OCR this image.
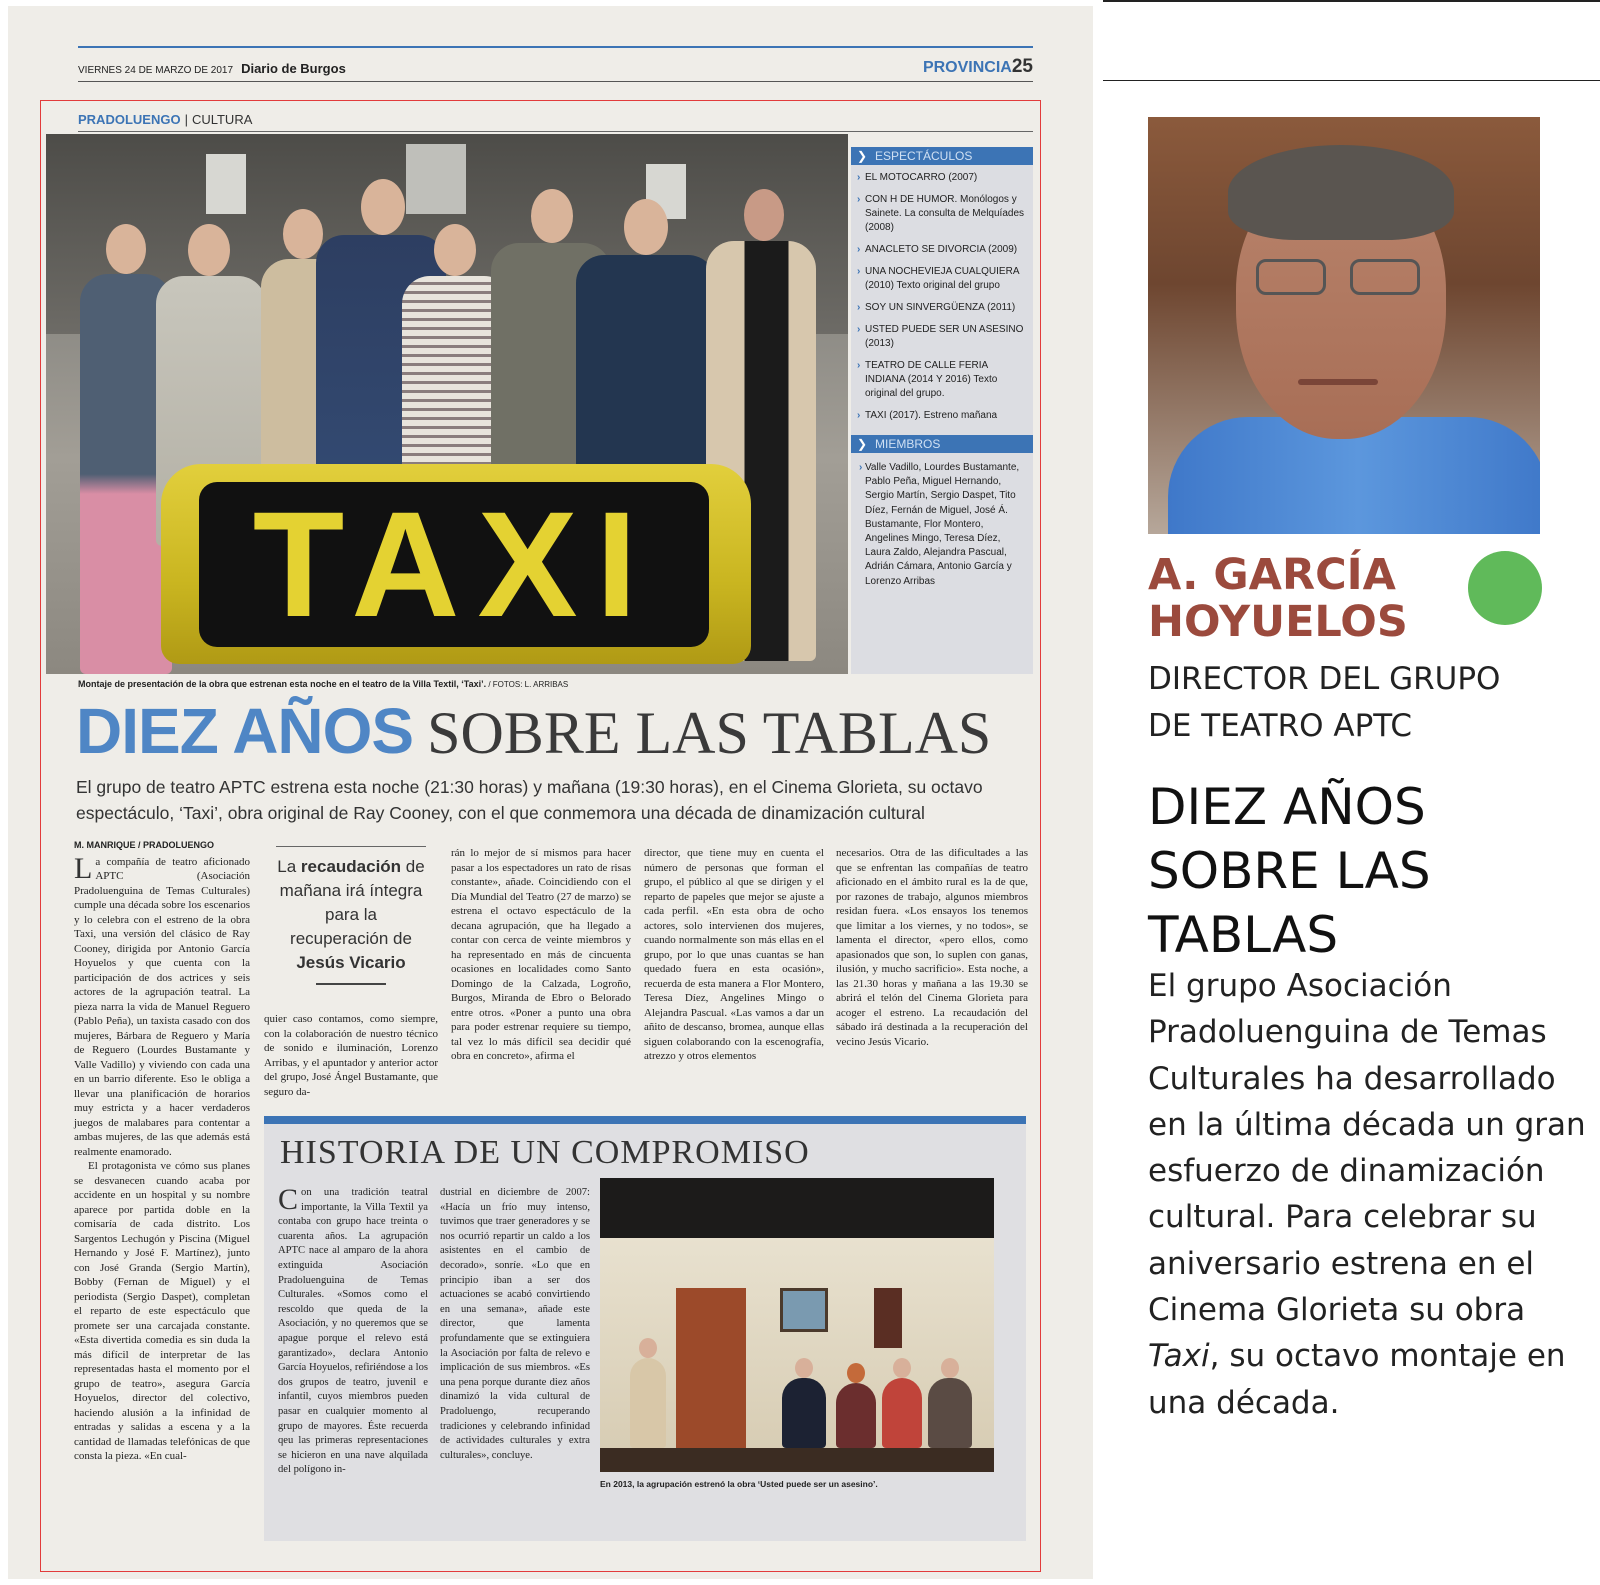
VIERNES 24 DE MARZO DE 2017 Diario de Burgos	PROVINCIA25
PRADOLUENGO | CULTURA
TAXI
Montaje de presentación de la obra que estrenan esta noche en el teatro de la Villa Textil, ‘Taxi’. / FOTOS: L. ARRIBAS
❯ ESPECTÁCULOS
› EL MOTOCARRO (2007)
› CON H DE HUMOR. Monólogos y Sainete. La consulta de Melquíades (2008)
› ANACLETO SE DIVORCIA (2009)
› UNA NOCHEVIEJA CUALQUIERA (2010) Texto original del grupo
› SOY UN SINVERGÜENZA (2011)
› USTED PUEDE SER UN ASESINO (2013)
› TEATRO DE CALLE FERIA INDIANA (2014 Y 2016) Texto original del grupo.
› TAXI (2017). Estreno mañana
❯ MIEMBROS
› Valle Vadillo, Lourdes Bustamante, Pablo Peña, Miguel Hernando, Sergio Martín, Sergio Daspet, Tito Díez, Fernán de Miguel, José Á. Bustamante, Flor Montero, Angelines Mingo, Teresa Díez, Laura Zaldo, Alejandra Pascual, Adrián Cámara, Antonio García y Lorenzo Arribas
DIEZ AÑOS SOBRE LAS TABLAS
El grupo de teatro APTC estrena esta noche (21:30 horas) y mañana (19:30 horas), en el Cinema Glorieta, su octavo espectáculo, ‘Taxi’, obra original de Ray Cooney, con el que conmemora una década de dinamización cultural
M. MANRIQUE / PRADOLUENGO
L a compañía de teatro aficionado APTC (Asociación Pradoluenguina de Temas Culturales) cumple una década sobre los escenarios y lo celebra con el estreno de la obra Taxi, una versión del clásico de Ray Cooney, dirigida por Antonio García Hoyuelos y que cuenta con la participación de dos actrices y seis actores de la agrupación teatral. La pieza narra la vida de Manuel Reguero (Pablo Peña), un taxista casado con dos mujeres, Bárbara de Reguero y María de Reguero (Lourdes Bustamante y Valle Vadillo) y viviendo con cada una en un barrio diferente. Eso le obliga a llevar una planificación de horarios muy estricta y a hacer verdaderos juegos de malabares para contentar a ambas mujeres, de las que además está realmente enamorado.

El protagonista ve cómo sus planes se desvanecen cuando acaba por accidente en un hospital y su nombre aparece por partida doble en la comisaría de cada distrito. Los Sargentos Lechugón y Piscina (Miguel Hernando y José F. Martínez), junto con José Granda (Sergio Martín), Bobby (Fernan de Miguel) y el periodista (Sergio Daspet), completan el reparto de este espectáculo que promete ser una carcajada constante. «Esta divertida comedia es sin duda la más difícil de interpretar de las representadas hasta el momento por el grupo de teatro», asegura García Hoyuelos, director del colectivo, haciendo alusión a la infinidad de entradas y salidas a escena y a la cantidad de llamadas telefónicas de que consta la pieza. «En cual-

La recaudación de mañana irá íntegra para la recuperación de Jesús Vicario
quier caso contamos, como siempre, con la colaboración de nuestro técnico de sonido e iluminación, Lorenzo Arribas, y el apuntador y anterior actor del grupo, José Ángel Bustamante, que seguro da-
rán lo mejor de sí mismos para hacer pasar a los espectadores un rato de risas constante», añade. Coincidiendo con el Día Mundial del Teatro (27 de marzo) se estrena el octavo espectáculo de la decana agrupación, que ha llegado a contar con cerca de veinte miembros y ha representado en más de cincuenta ocasiones en localidades como Santo Domingo de la Calzada, Logroño, Burgos, Miranda de Ebro o Belorado entre otros. «Poner a punto una obra para poder estrenar requiere su tiempo, tal vez lo más difícil sea decidir qué obra en concreto», afirma el
director, que tiene muy en cuenta el número de personas que forman el grupo, el público al que se dirigen y el reparto de papeles que mejor se ajuste a cada perfil. «En esta obra de ocho actores, solo intervienen dos mujeres, cuando normalmente son más ellas en el grupo, por lo que unas cuantas se han quedado fuera en esta ocasión», recuerda de esta manera a Flor Montero, Teresa Díez, Angelines Mingo o Alejandra Pascual. «Las vamos a dar un añito de descanso, bromea, aunque ellas siguen colaborando con la escenografía, atrezzo y otros elementos
necesarios. Otra de las dificultades a las que se enfrentan las compañías de teatro aficionado en el ámbito rural es la de que, por razones de trabajo, algunos miembros residan fuera. «Los ensayos los tenemos que limitar a los viernes, y no todos», se lamenta el director, «pero ellos, como apasionados que son, lo suplen con ganas, ilusión, y mucho sacrificio». Esta noche, a las 21.30 horas y mañana a las 19.30 se abrirá el telón del Cinema Glorieta para acoger el estreno. La recaudación del sábado irá destinada a la recuperación del vecino Jesús Vicario.
HISTORIA DE UN COMPROMISO
Con una tradición teatral importante, la Villa Textil ya contaba con grupo hace treinta o cuarenta años. La agrupación APTC nace al amparo de la ahora extinguida Asociación Pradoluenguina de Temas Culturales. «Somos como el rescoldo que queda de la Asociación, y no queremos que se apague porque el relevo está garantizado», declara Antonio García Hoyuelos, refiriéndose a los dos grupos de teatro, juvenil e infantil, cuyos miembros pueden pasar en cualquier momento al grupo de mayores. Éste recuerda qeu las primeras representaciones se hicieron en una nave alquilada del polígono in-
dustrial en diciembre de 2007: «Hacía un frío muy intenso, tuvimos que traer generadores y se nos ocurrió repartir un caldo a los asistentes en el cambio de decorado», sonríe. «Lo que en principio iban a ser dos actuaciones se acabó convirtiendo en una semana», añade este director, que lamenta profundamente que se extinguiera la Asociación por falta de relevo e implicación de sus miembros. «Es una pena porque durante diez años dinamizó la vida cultural de Pradoluengo, recuperando tradiciones y celebrando infinidad de actividades culturales y extra culturales», concluye.
En 2013, la agrupación estrenó la obra ‘Usted puede ser un asesino’.
A. GARCÍA
HOYUELOS
DIRECTOR DEL GRUPO
DE TEATRO APTC
DIEZ AÑOS SOBRE LAS TABLAS
El grupo Asociación Pradoluenguina de Temas Culturales ha desarrollado en la última década un gran esfuerzo de dinamización cultural. Para celebrar su aniversario estrena en el Cinema Glorieta su obra Taxi, su octavo montaje en una década.
